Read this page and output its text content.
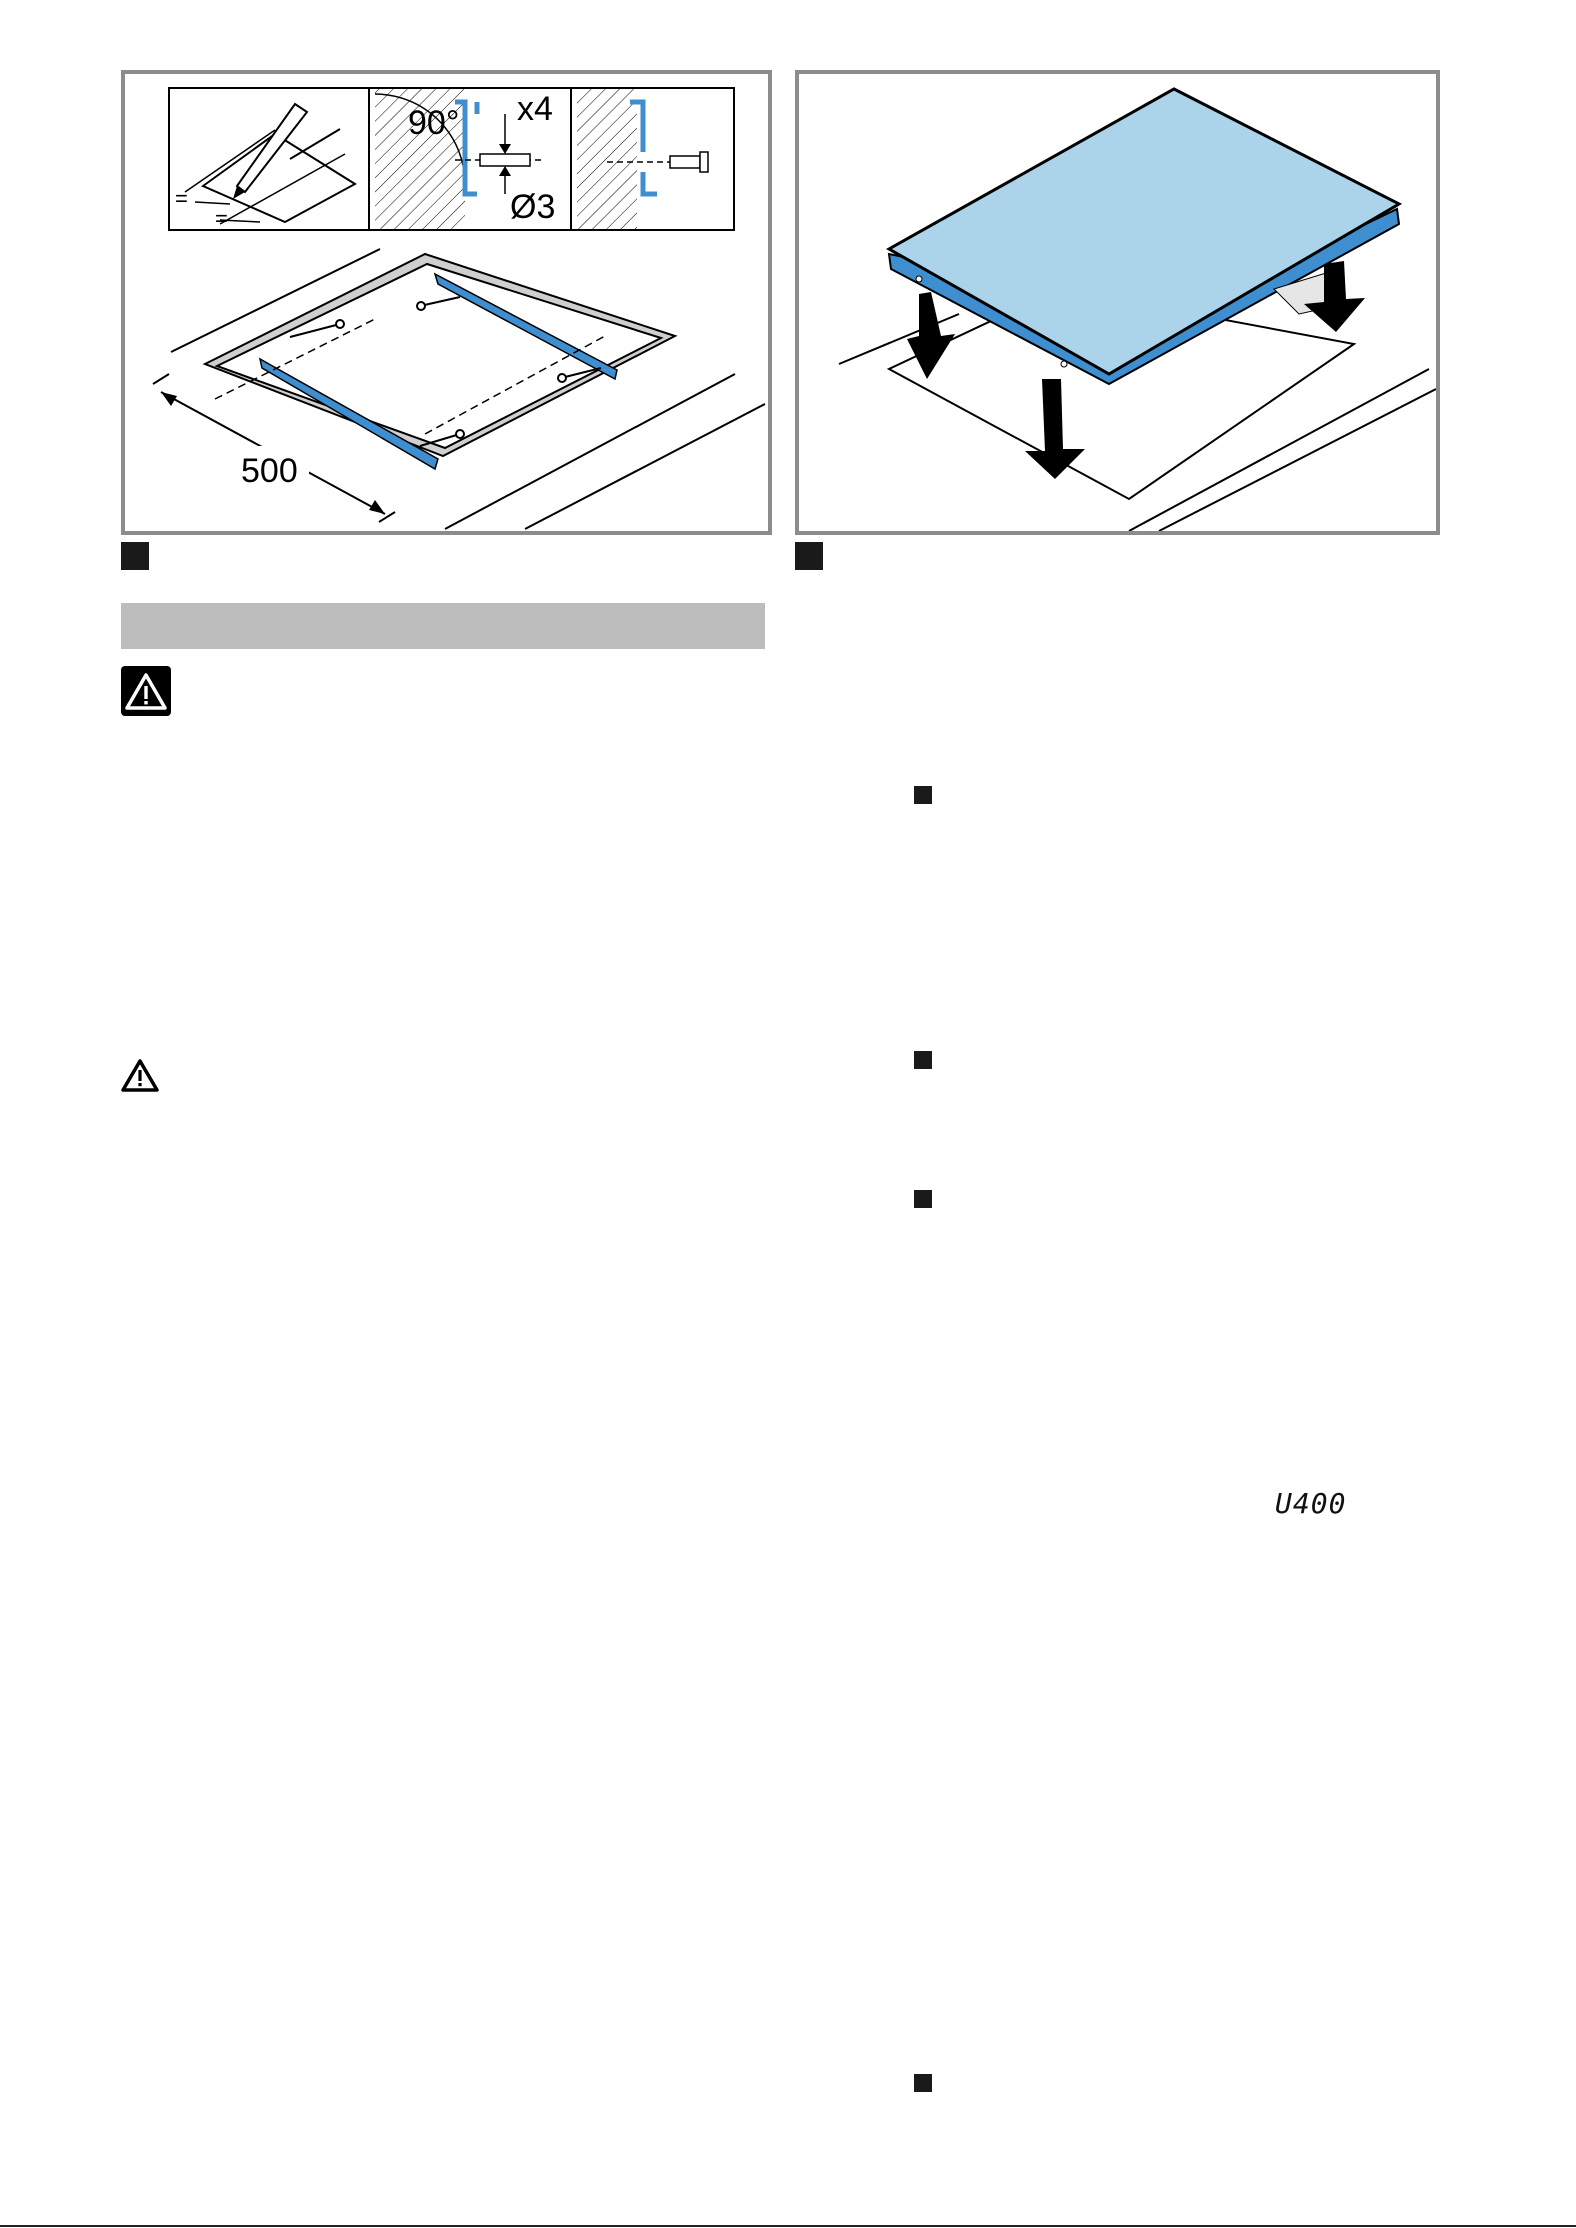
=
=
90° x4
Ø3
500
U400
